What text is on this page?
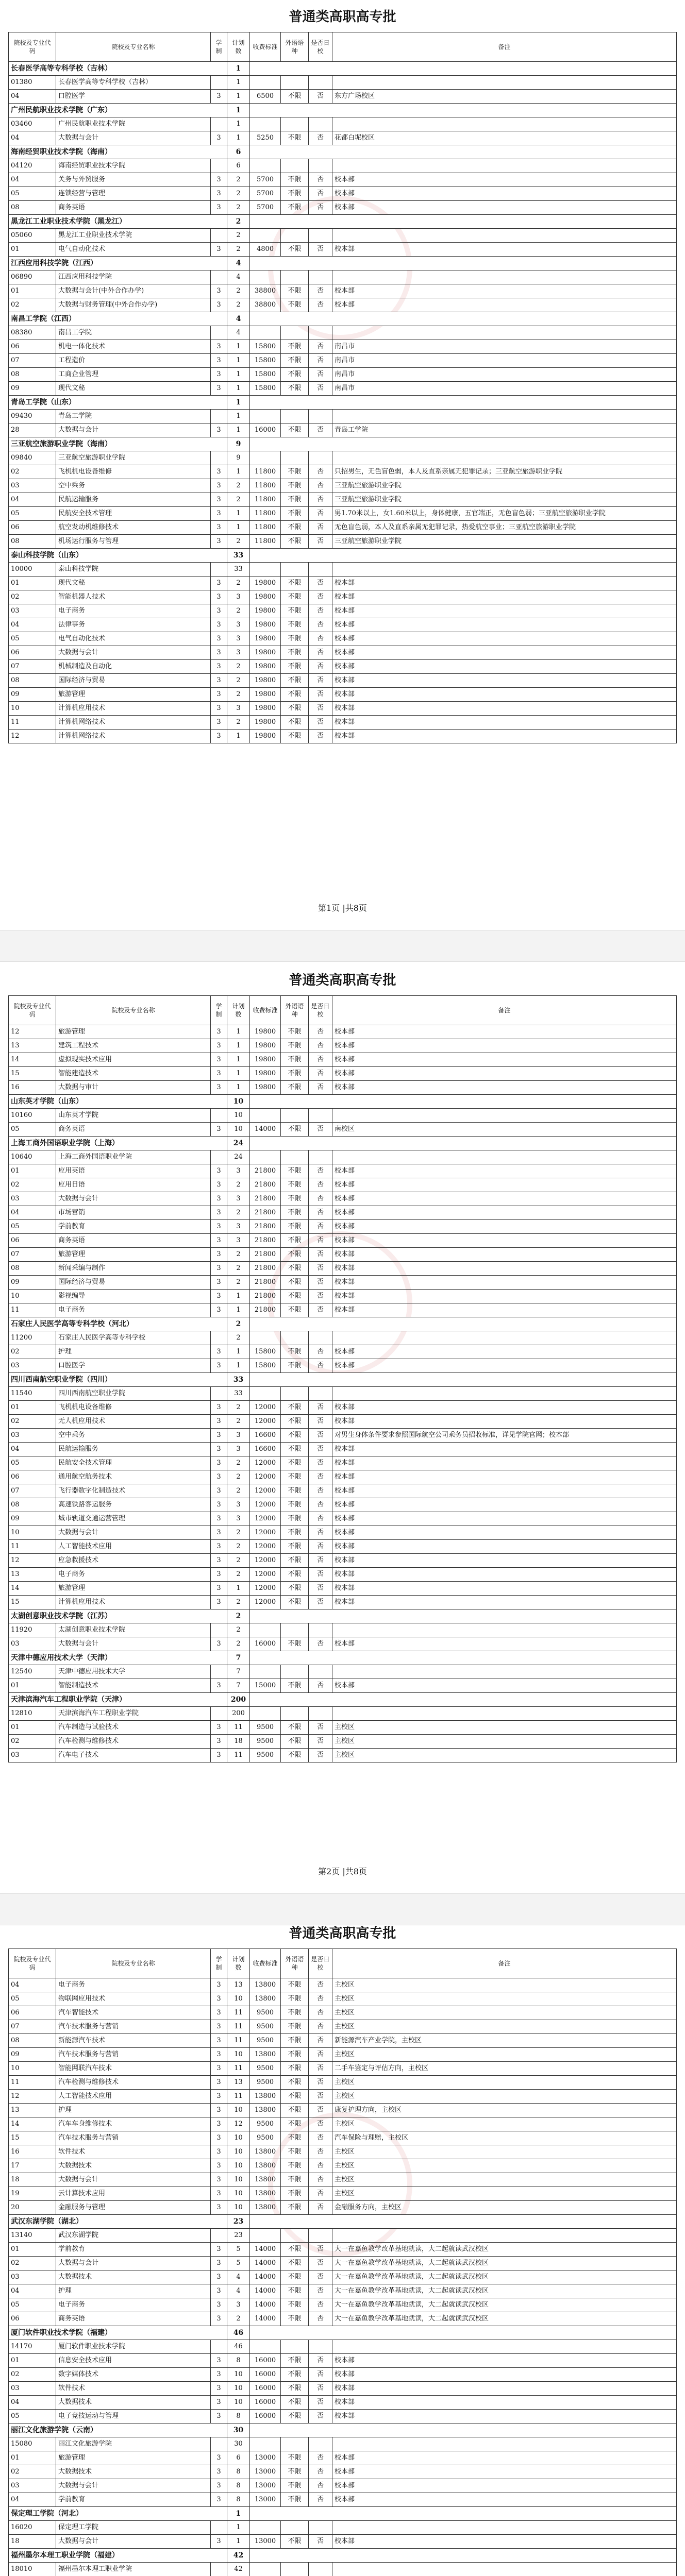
普通类高职高专批
院校及专业代码	院校及专业名称	学制	计划数	收费标准	外语语种	是否日校	备注
长春医学高等专科学校（吉林）			1				
01380	长春医学高等专科学校（吉林）		1				
04	口腔医学	3	1	6500	不限	否	东方广场校区
广州民航职业技术学院（广东）			1				
03460	广州民航职业技术学院		1				
04	大数据与会计	3	1	5250	不限	否	花都白坭校区
海南经贸职业技术学院（海南）			6				
04120	海南经贸职业技术学院		6				
04	关务与外贸服务	3	2	5700	不限	否	校本部
05	连锁经营与管理	3	2	5700	不限	否	校本部
08	商务英语	3	2	5700	不限	否	校本部
黑龙江工业职业技术学院（黑龙江）			2				
05060	黑龙江工业职业技术学院		2				
01	电气自动化技术	3	2	4800	不限	否	校本部
江西应用科技学院（江西）			4				
06890	江西应用科技学院		4				
01	大数据与会计(中外合作办学)	3	2	38800	不限	否	校本部
02	大数据与财务管理(中外合作办学)	3	2	38800	不限	否	校本部
南昌工学院（江西）			4				
08380	南昌工学院		4				
06	机电一体化技术	3	1	15800	不限	否	南昌市
07	工程造价	3	1	15800	不限	否	南昌市
08	工商企业管理	3	1	15800	不限	否	南昌市
09	现代文秘	3	1	15800	不限	否	南昌市
青岛工学院（山东）			1				
09430	青岛工学院		1				
28	大数据与会计	3	1	16000	不限	否	青岛工学院
三亚航空旅游职业学院（海南）			9				
09840	三亚航空旅游职业学院		9				
02	飞机机电设备维修	3	1	11800	不限	否	只招男生，无色盲色弱，本人及直系亲属无犯罪记录；三亚航空旅游职业学院
03	空中乘务	3	2	11800	不限	否	三亚航空旅游职业学院
04	民航运输服务	3	2	11800	不限	否	三亚航空旅游职业学院
05	民航安全技术管理	3	1	11800	不限	否	男1.70米以上，女1.60米以上，身体健康，五官端正，无色盲色弱；三亚航空旅游职业学院
06	航空发动机维修技术	3	1	11800	不限	否	无色盲色弱，本人及直系亲属无犯罪记录，热爱航空事业；三亚航空旅游职业学院
08	机场运行服务与管理	3	2	11800	不限	否	三亚航空旅游职业学院
泰山科技学院（山东）			33				
10000	泰山科技学院		33				
01	现代文秘	3	2	19800	不限	否	校本部
02	智能机器人技术	3	3	19800	不限	否	校本部
03	电子商务	3	2	19800	不限	否	校本部
04	法律事务	3	3	19800	不限	否	校本部
05	电气自动化技术	3	3	19800	不限	否	校本部
06	大数据与会计	3	3	19800	不限	否	校本部
07	机械制造及自动化	3	2	19800	不限	否	校本部
08	国际经济与贸易	3	2	19800	不限	否	校本部
09	旅游管理	3	2	19800	不限	否	校本部
10	计算机应用技术	3	3	19800	不限	否	校本部
11	计算机网络技术	3	2	19800	不限	否	校本部
12	计算机网络技术	3	1	19800	不限	否	校本部
第1页 |共8页
普通类高职高专批
院校及专业代码	院校及专业名称	学制	计划数	收费标准	外语语种	是否日校	备注
12	旅游管理	3	1	19800	不限	否	校本部
13	建筑工程技术	3	1	19800	不限	否	校本部
14	虚拟现实技术应用	3	1	19800	不限	否	校本部
15	智能建造技术	3	1	19800	不限	否	校本部
16	大数据与审计	3	1	19800	不限	否	校本部
山东英才学院（山东）			10				
10160	山东英才学院		10				
05	商务英语	3	10	14000	不限	否	南校区
上海工商外国语职业学院（上海）			24				
10640	上海工商外国语职业学院		24				
01	应用英语	3	3	21800	不限	否	校本部
02	应用日语	3	2	21800	不限	否	校本部
03	大数据与会计	3	3	21800	不限	否	校本部
04	市场营销	3	2	21800	不限	否	校本部
05	学前教育	3	3	21800	不限	否	校本部
06	商务英语	3	3	21800	不限	否	校本部
07	旅游管理	3	2	21800	不限	否	校本部
08	新闻采编与制作	3	2	21800	不限	否	校本部
09	国际经济与贸易	3	2	21800	不限	否	校本部
10	影视编导	3	1	21800	不限	否	校本部
11	电子商务	3	1	21800	不限	否	校本部
石家庄人民医学高等专科学校（河北）			2				
11200	石家庄人民医学高等专科学校		2				
02	护理	3	1	15800	不限	否	校本部
03	口腔医学	3	1	15800	不限	否	校本部
四川西南航空职业学院（四川）			33				
11540	四川西南航空职业学院		33				
01	飞机机电设备维修	3	2	12000	不限	否	校本部
02	无人机应用技术	3	2	12000	不限	否	校本部
03	空中乘务	3	3	16600	不限	否	对男生身体条件要求参照国际航空公司乘务员招收标准，详见学院官网；校本部
04	民航运输服务	3	3	16600	不限	否	校本部
05	民航安全技术管理	3	2	12000	不限	否	校本部
06	通用航空航务技术	3	2	12000	不限	否	校本部
07	飞行器数字化制造技术	3	2	12000	不限	否	校本部
08	高速铁路客运服务	3	3	12000	不限	否	校本部
09	城市轨道交通运营管理	3	3	12000	不限	否	校本部
10	大数据与会计	3	2	12000	不限	否	校本部
11	人工智能技术应用	3	2	12000	不限	否	校本部
12	应急救援技术	3	2	12000	不限	否	校本部
13	电子商务	3	2	12000	不限	否	校本部
14	旅游管理	3	1	12000	不限	否	校本部
15	计算机应用技术	3	2	12000	不限	否	校本部
太湖创意职业技术学院（江苏）			2				
11920	太湖创意职业技术学院		2				
03	大数据与会计	3	2	16000	不限	否	校本部
天津中德应用技术大学（天津）			7				
12540	天津中德应用技术大学		7				
01	智能制造技术	3	7	15000	不限	否	校本部
天津滨海汽车工程职业学院（天津）			200				
12810	天津滨海汽车工程职业学院		200				
01	汽车制造与试验技术	3	11	9500	不限	否	主校区
02	汽车检测与维修技术	3	18	9500	不限	否	主校区
03	汽车电子技术	3	11	9500	不限	否	主校区
第2页 |共8页
普通类高职高专批
院校及专业代码	院校及专业名称	学制	计划数	收费标准	外语语种	是否日校	备注
04	电子商务	3	13	13800	不限	否	主校区
05	物联网应用技术	3	10	13800	不限	否	主校区
06	汽车智能技术	3	11	9500	不限	否	主校区
07	汽车技术服务与营销	3	11	9500	不限	否	主校区
08	新能源汽车技术	3	11	9500	不限	否	新能源汽车产业学院，主校区
09	汽车技术服务与营销	3	10	13800	不限	否	主校区
10	智能网联汽车技术	3	11	9500	不限	否	二手车鉴定与评估方向，主校区
11	汽车检测与维修技术	3	13	9500	不限	否	主校区
12	人工智能技术应用	3	11	13800	不限	否	主校区
13	护理	3	10	13800	不限	否	康复护理方向，主校区
14	汽车车身维修技术	3	12	9500	不限	否	主校区
15	汽车技术服务与营销	3	10	9500	不限	否	汽车保险与理赔，主校区
16	软件技术	3	10	13800	不限	否	主校区
17	大数据技术	3	10	13800	不限	否	主校区
18	大数据与会计	3	10	13800	不限	否	主校区
19	云计算技术应用	3	10	13800	不限	否	主校区
20	金融服务与管理	3	10	13800	不限	否	金融服务方向，主校区
武汉东湖学院（湖北）			23				
13140	武汉东湖学院		23				
01	学前教育	3	5	14000	不限	否	大一在嘉鱼教学改革基地就读，大二起就读武汉校区
02	大数据与会计	3	5	14000	不限	否	大一在嘉鱼教学改革基地就读，大二起就读武汉校区
03	大数据技术	3	4	14000	不限	否	大一在嘉鱼教学改革基地就读，大二起就读武汉校区
04	护理	3	4	14000	不限	否	大一在嘉鱼教学改革基地就读，大二起就读武汉校区
05	电子商务	3	3	14000	不限	否	大一在嘉鱼教学改革基地就读，大二起就读武汉校区
06	商务英语	3	2	14000	不限	否	大一在嘉鱼教学改革基地就读，大二起就读武汉校区
厦门软件职业技术学院（福建）			46				
14170	厦门软件职业技术学院		46				
01	信息安全技术应用	3	8	16000	不限	否	校本部
02	数字媒体技术	3	10	16000	不限	否	校本部
03	软件技术	3	10	16000	不限	否	校本部
04	大数据技术	3	10	16000	不限	否	校本部
05	电子竞技运动与管理	3	8	16000	不限	否	校本部
丽江文化旅游学院（云南）			30				
15080	丽江文化旅游学院		30				
01	旅游管理	3	6	13000	不限	否	校本部
02	大数据技术	3	8	13000	不限	否	校本部
03	大数据与会计	3	8	13000	不限	否	校本部
04	学前教育	3	8	13000	不限	否	校本部
保定理工学院（河北）			1				
16020	保定理工学院		1				
18	大数据与会计	3	1	13000	不限	否	校本部
福州墨尔本理工职业学院（福建）			42				
18010	福州墨尔本理工职业学院		42				
